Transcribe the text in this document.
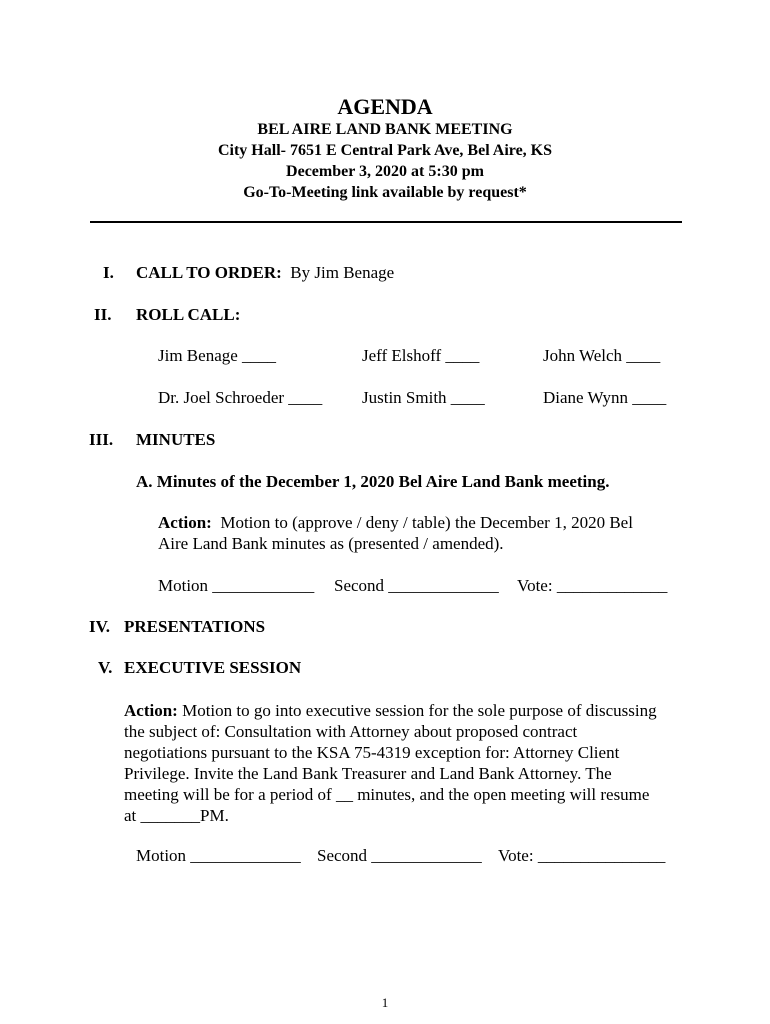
AGENDA
BEL AIRE LAND BANK MEETING
City Hall- 7651 E Central Park Ave, Bel Aire, KS
December 3, 2020 at 5:30 pm
Go-To-Meeting link available by request*
I. CALL TO ORDER: By Jim Benage
II. ROLL CALL:
Jim Benage ____	Jeff Elshoff ____	John Welch ____
Dr. Joel Schroeder ____ Justin Smith ____	Diane Wynn ____
III. MINUTES
A. Minutes of the December 1, 2020 Bel Aire Land Bank meeting.
Action: Motion to (approve / deny / table) the December 1, 2020 Bel
Aire Land Bank minutes as (presented / amended).
Motion ____________ Second _____________ Vote: _____________
IV. PRESENTATIONS
V. EXECUTIVE SESSION
Action: Motion to go into executive session for the sole purpose of discussing
the subject of: Consultation with Attorney about proposed contract
negotiations pursuant to the KSA 75-4319 exception for: Attorney Client
Privilege. Invite the Land Bank Treasurer and Land Bank Attorney. The
meeting will be for a period of __ minutes, and the open meeting will resume
at _______PM.
Motion _____________ Second _____________ Vote: _______________
1
